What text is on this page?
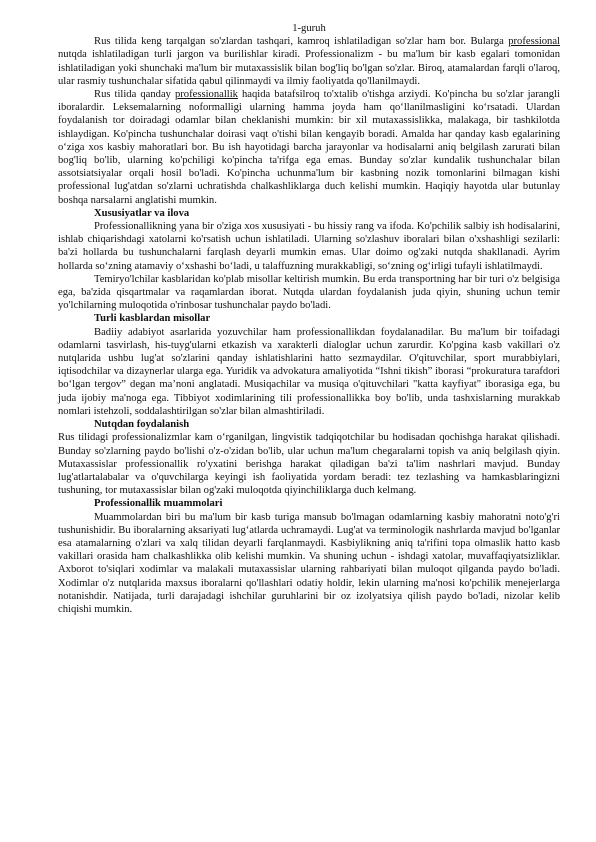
1-guruh

Rus tilida keng tarqalgan so'zlardan tashqari, kamroq ishlatiladigan so'zlar ham bor. Bularga professional nutqda ishlatiladigan turli jargon va burilishlar kiradi. Professionalizm - bu ma'lum bir kasb egalari tomonidan ishlatiladigan yoki shunchaki ma'lum bir mutaxassislik bilan bog'liq bo'lgan so'zlar. Biroq, atamalardan farqli o'laroq, ular rasmiy tushunchalar sifatida qabul qilinmaydi va ilmiy faoliyatda qo'llanilmaydi.

Rus tilida qanday professionallik haqida batafsilroq to'xtalib o'tishga arziydi. Ko'pincha bu so'zlar jarangli iboralardir. Leksemalarning noformalligi ularning hamma joyda ham qo‘llanilmasligini ko‘rsatadi. Ulardan foydalanish tor doiradagi odamlar bilan cheklanishi mumkin: bir xil mutaxassislikka, malakaga, bir tashkilotda ishlaydigan. Ko'pincha tushunchalar doirasi vaqt o'tishi bilan kengayib boradi. Amalda har qanday kasb egalarining o‘ziga xos kasbiy mahoratlari bor. Bu ish hayotidagi barcha jarayonlar va hodisalarni aniq belgilash zarurati bilan bog'liq bo'lib, ularning ko'pchiligi ko'pincha ta'rifga ega emas. Bunday so'zlar kundalik tushunchalar bilan assotsiatsiyalar orqali hosil bo'ladi. Ko'pincha uchunma'lum bir kasbning nozik tomonlarini bilmagan kishi professional lug'atdan so'zlarni uchratishda chalkashliklarga duch kelishi mumkin. Haqiqiy hayotda ular butunlay boshqa narsalarni anglatishi mumkin.

Xususiyatlar va ilova

Professionallikning yana bir o'ziga xos xususiyati - bu hissiy rang va ifoda. Ko'pchilik salbiy ish hodisalarini, ishlab chiqarishdagi xatolarni ko'rsatish uchun ishlatiladi. Ularning so'zlashuv iboralari bilan o'xshashligi sezilarli: ba'zi hollarda bu tushunchalarni farqlash deyarli mumkin emas. Ular doimo og'zaki nutqda shakllanadi. Ayrim hollarda so‘zning atamaviy o‘xshashi bo‘ladi, u talaffuzning murakkabligi, so‘zning og‘irligi tufayli ishlatilmaydi.

Temiryo'lchilar kasblaridan ko'plab misollar keltirish mumkin. Bu erda transportning har bir turi o'z belgisiga ega, ba'zida qisqartmalar va raqamlardan iborat. Nutqda ulardan foydalanish juda qiyin, shuning uchun temir yo'lchilarning muloqotida o'rinbosar tushunchalar paydo bo'ladi.

Turli kasblardan misollar

Badiiy adabiyot asarlarida yozuvchilar ham professionallikdan foydalanadilar. Bu ma'lum bir toifadagi odamlarni tasvirlash, his-tuyg'ularni etkazish va xarakterli dialoglar uchun zarurdir. Ko'pgina kasb vakillari o'z nutqlarida ushbu lug'at so'zlarini qanday ishlatishlarini hatto sezmaydilar. O'qituvchilar, sport murabbiylari, iqtisodchilar va dizaynerlar ularga ega. Yuridik va advokatura amaliyotida “Ishni tikish” iborasi “prokuratura tarafdori bo‘lgan tergov” degan ma’noni anglatadi. Musiqachilar va musiqa o'qituvchilari "katta kayfiyat" iborasiga ega, bu juda ijobiy ma'noga ega. Tibbiyot xodimlarining tili professionallikka boy bo'lib, unda tashxislarning murakkab nomlari istehzoli, soddalashtirilgan so'zlar bilan almashtiriladi.

Nutqdan foydalanish

Rus tilidagi professionalizmlar kam o‘rganilgan, lingvistik tadqiqotchilar bu hodisadan qochishga harakat qilishadi. Bunday so'zlarning paydo bo'lishi o'z-o'zidan bo'lib, ular uchun ma'lum chegaralarni topish va aniq belgilash qiyin. Mutaxassislar professionallik ro'yxatini berishga harakat qiladigan ba'zi ta'lim nashrlari mavjud. Bunday lug'atlartalabalar va o'quvchilarga keyingi ish faoliyatida yordam beradi: tez tezlashing va hamkasblaringizni tushuning, tor mutaxassislar bilan og'zaki muloqotda qiyinchiliklarga duch kelmang.

Professionallik muammolari

Muammolardan biri bu ma'lum bir kasb turiga mansub bo'lmagan odamlarning kasbiy mahoratni noto'g'ri tushunishidir. Bu iboralarning aksariyati lug‘atlarda uchramaydi. Lug'at va terminologik nashrlarda mavjud bo'lganlar esa atamalarning o'zlari va xalq tilidan deyarli farqlanmaydi. Kasbiylikning aniq ta'rifini topa olmaslik hatto kasb vakillari orasida ham chalkashlikka olib kelishi mumkin. Va shuning uchun - ishdagi xatolar, muvaffaqiyatsizliklar. Axborot to'siqlari xodimlar va malakali mutaxassislar ularning rahbariyati bilan muloqot qilganda paydo bo'ladi. Xodimlar o'z nutqlarida maxsus iboralarni qo'llashlari odatiy holdir, lekin ularning ma'nosi ko'pchilik menejerlarga notanishdir. Natijada, turli darajadagi ishchilar guruhlarini bir oz izolyatsiya qilish paydo bo'ladi, nizolar kelib chiqishi mumkin.
